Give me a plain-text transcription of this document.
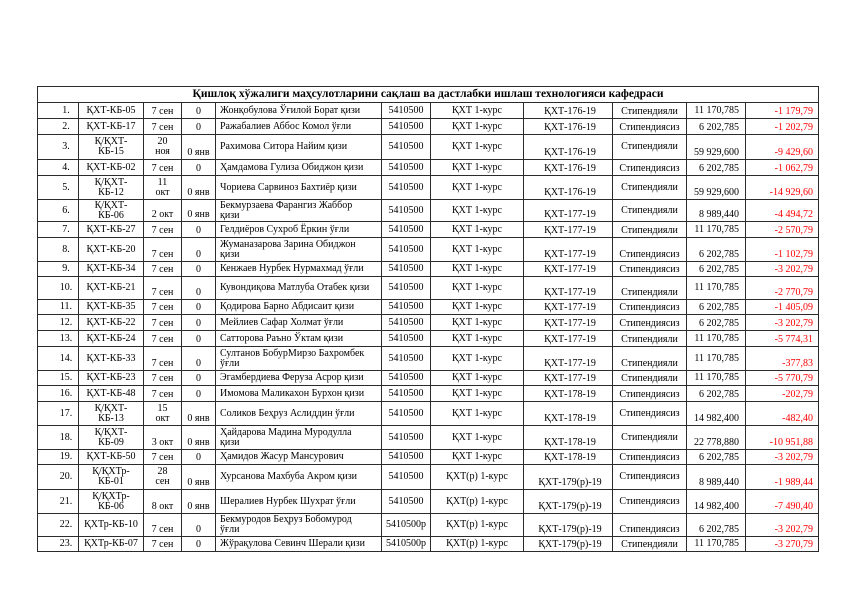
Қишлоқ хўжалиги маҳсулотларини сақлаш ва дастлабки ишлаш технологияси кафедраси										
1.	ҚХТ-КБ-05	7 сен	0	Жонқобулова Ўғилой Борат қизи	5410500	ҚХТ 1-курс	ҚХТ-176-19	Стипендияли	11 170,785	-1 179,79
2.	ҚХТ-КБ-17	7 сен	0	Ражабалиев Аббос Комол ўғли	5410500	ҚХТ 1-курс	ҚХТ-176-19	Стипендиясиз	6 202,785	-1 202,79
3.	Қ/ҚХТ-КБ-15	20 ноя	0 янв	Рахимова Ситора Найим қизи	5410500	ҚХТ 1-курс	ҚХТ-176-19	Стипендияли	59 929,600	-9 429,60
4.	ҚХТ-КБ-02	7 сен	0	Ҳамдамова Гулиза Обиджон қизи	5410500	ҚХТ 1-курс	ҚХТ-176-19	Стипендиясиз	6 202,785	-1 062,79
5.	Қ/ҚХТ-КБ-12	11 окт	0 янв	Чориева Сарвиноз Бахтиёр қизи	5410500	ҚХТ 1-курс	ҚХТ-176-19	Стипендияли	59 929,600	-14 929,60
6.	Қ/ҚХТ-КБ-06	2 окт	0 янв	Бекмурзаева Фарангиз Жаббор қизи	5410500	ҚХТ 1-курс	ҚХТ-177-19	Стипендияли	8 989,440	-4 494,72
7.	ҚХТ-КБ-27	7 сен	0	Гелдиёров Сухроб Ёркин ўғли	5410500	ҚХТ 1-курс	ҚХТ-177-19	Стипендияли	11 170,785	-2 570,79
8.	ҚХТ-КБ-20	7 сен	0	Жуманазарова Зарина Обиджон қизи	5410500	ҚХТ 1-курс	ҚХТ-177-19	Стипендиясиз	6 202,785	-1 102,79
9.	ҚХТ-КБ-34	7 сен	0	Кенжаев Нурбек Нурмахмад ўғли	5410500	ҚХТ 1-курс	ҚХТ-177-19	Стипендиясиз	6 202,785	-3 202,79
10.	ҚХТ-КБ-21	7 сен	0	Кувондиқова Матлуба Отабек қизи	5410500	ҚХТ 1-курс	ҚХТ-177-19	Стипендияли	11 170,785	-2 770,79
11.	ҚХТ-КБ-35	7 сен	0	Қодирова Барно Абдисаит қизи	5410500	ҚХТ 1-курс	ҚХТ-177-19	Стипендиясиз	6 202,785	-1 405,09
12.	ҚХТ-КБ-22	7 сен	0	Мейлиев Сафар Холмат ўғли	5410500	ҚХТ 1-курс	ҚХТ-177-19	Стипендиясиз	6 202,785	-3 202,79
13.	ҚХТ-КБ-24	7 сен	0	Сатторова Раъно Ўктам қизи	5410500	ҚХТ 1-курс	ҚХТ-177-19	Стипендияли	11 170,785	-5 774,31
14.	ҚХТ-КБ-33	7 сен	0	Султанов БобурМирзо Бахромбек ўғли	5410500	ҚХТ 1-курс	ҚХТ-177-19	Стипендияли	11 170,785	-377,83
15.	ҚХТ-КБ-23	7 сен	0	Эгамбердиева Феруза Асрор қизи	5410500	ҚХТ 1-курс	ҚХТ-177-19	Стипендияли	11 170,785	-5 770,79
16.	ҚХТ-КБ-48	7 сен	0	Имомова Маликахон Бурхон қизи	5410500	ҚХТ 1-курс	ҚХТ-178-19	Стипендиясиз	6 202,785	-202,79
17.	Қ/ҚХТ-КБ-13	15 окт	0 янв	Соликов Беҳруз Аслиддин ўғли	5410500	ҚХТ 1-курс	ҚХТ-178-19	Стипендиясиз	14 982,400	-482,40
18.	Қ/ҚХТ-КБ-09	3 окт	0 янв	Ҳайдарова Мадина Муродулла қизи	5410500	ҚХТ 1-курс	ҚХТ-178-19	Стипендияли	22 778,880	-10 951,88
19.	ҚХТ-КБ-50	7 сен	0	Ҳамидов Жасур Мансурович	5410500	ҚХТ 1-курс	ҚХТ-178-19	Стипендиясиз	6 202,785	-3 202,79
20.	Қ/ҚХТр-КБ-01	28 сен	0 янв	Хурсанова Махбуба Акром қизи	5410500	ҚХТ(р) 1-курс	ҚХТ-179(р)-19	Стипендиясиз	8 989,440	-1 989,44
21.	Қ/ҚХТр-КБ-06	8 окт	0 янв	Шералиев Нурбек Шухрат ўғли	5410500	ҚХТ(р) 1-курс	ҚХТ-179(р)-19	Стипендиясиз	14 982,400	-7 490,40
22.	ҚХТр-КБ-10	7 сен	0	Бекмуродов Беҳруз Бобомурод ўғли	5410500р	ҚХТ(р) 1-курс	ҚХТ-179(р)-19	Стипендиясиз	6 202,785	-3 202,79
23.	ҚХТр-КБ-07	7 сен	0	Жўрақулова Севинч Шерали қизи	5410500р	ҚХТ(р) 1-курс	ҚХТ-179(р)-19	Стипендияли	11 170,785	-3 270,79
